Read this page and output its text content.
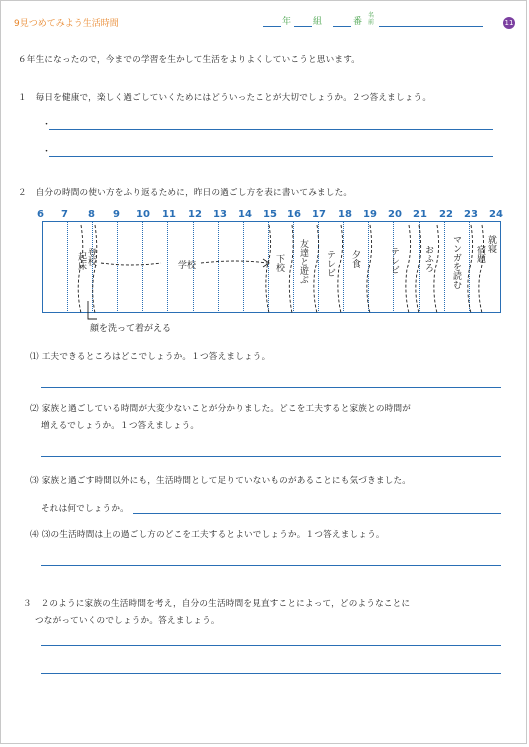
9見つめてみよう生活時間	年 組	番
名前	11
６年生になったので，今までの学習を生かして生活をよりよくしていこうと思います。
１　毎日を健康で，楽しく過ごしていくためにはどういったことが大切でしょうか。２つ答えましょう。
・
・
２　自分の時間の使い方をふり返るために，昨日の過ごし方を表に書いてみました。
6 7 8 9 10 11 12 13 14 15 16 17 18 19 20 21 22 23 24
起床 登校	学校	下校 友達と遊ぶ テレビ 夕食	テレビ	おふろ マンガを読む 宿題
就寝
顔を洗って着がえる
⑴ 工夫できるところはどこでしょうか。１つ答えましょう。
⑵ 家族と過ごしている時間が大変少ないことが分かりました。どこを工夫すると家族との時間が
増えるでしょうか。１つ答えましょう。
⑶ 家族と過ごす時間以外にも，生活時間として足りていないものがあることにも気づきました。
それは何でしょうか。
⑷ ⑶の生活時間は上の過ごし方のどこを工夫するとよいでしょうか。１つ答えましょう。
３　２のように家族の生活時間を考え，自分の生活時間を見直すことによって，どのようなことに
つながっていくのでしょうか。答えましょう。
